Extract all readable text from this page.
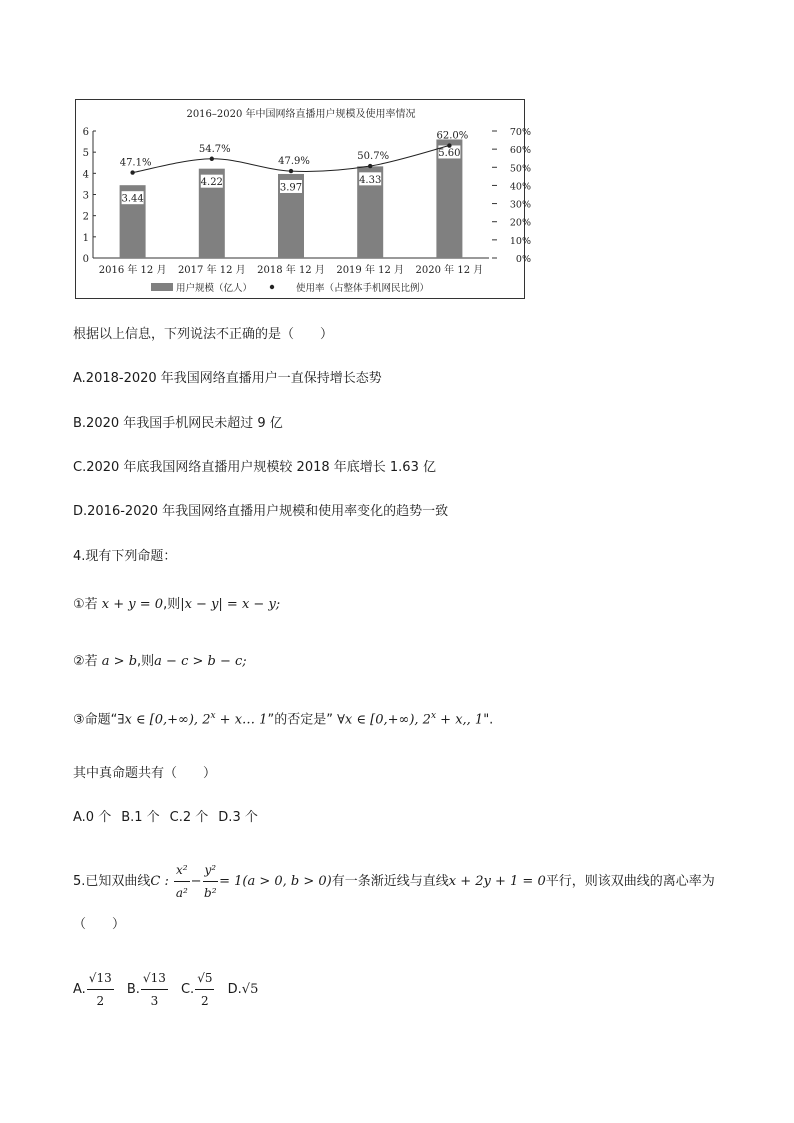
2016–2020 年中国网络直播用户规模及使用率情况
0
1
2
3
4
5
6
0%
10%
20%
30%
40%
50%
60%
70%
3.44
4.22	3.97
4.33
5.60
47.1%
54.7%
47.9%	50.7%
62.0%
2016 年 12 月 2017 年 12 月 2018 年 12 月 2019 年 12 月 2020 年 12 月
用户规模（亿人）	使用率（占整体手机网民比例）
根据以上信息，下列说法不正确的是（　　）
A.2018-2020 年我国网络直播用户一直保持增长态势
B.2020 年我国手机网民未超过 9 亿
C.2020 年底我国网络直播用户规模较 2018 年底增长 1.63 亿
D.2016-2020 年我国网络直播用户规模和使用率变化的趋势一致
4.现有下列命题：
①若 x + y = 0,则|x − y| = x − y;
②若 a > b,则a − c > b − c;
③命题“∃x ∈ [0,+∞), $2^x$ + x… 1”的否定是” ∀x ∈ [0,+∞), $2^x + x$,, 1".
其中真命题共有（　　）
A.0 个 B.1 个 C.2 个 D.3 个
5.已知双曲线C : $\frac{\text{x²}}{\text{a²}} - \frac{\text{y²}}{\text{b²}} = 1(a > 0$, b > 0)有一条渐近线与直线x + 2y + 1 = 0平行，则该双曲线的离心率为
（　　）
A. $\frac{√13}{2} B$. $\frac{√13}{3} C$. $\frac{√5}{2} D.√5$
